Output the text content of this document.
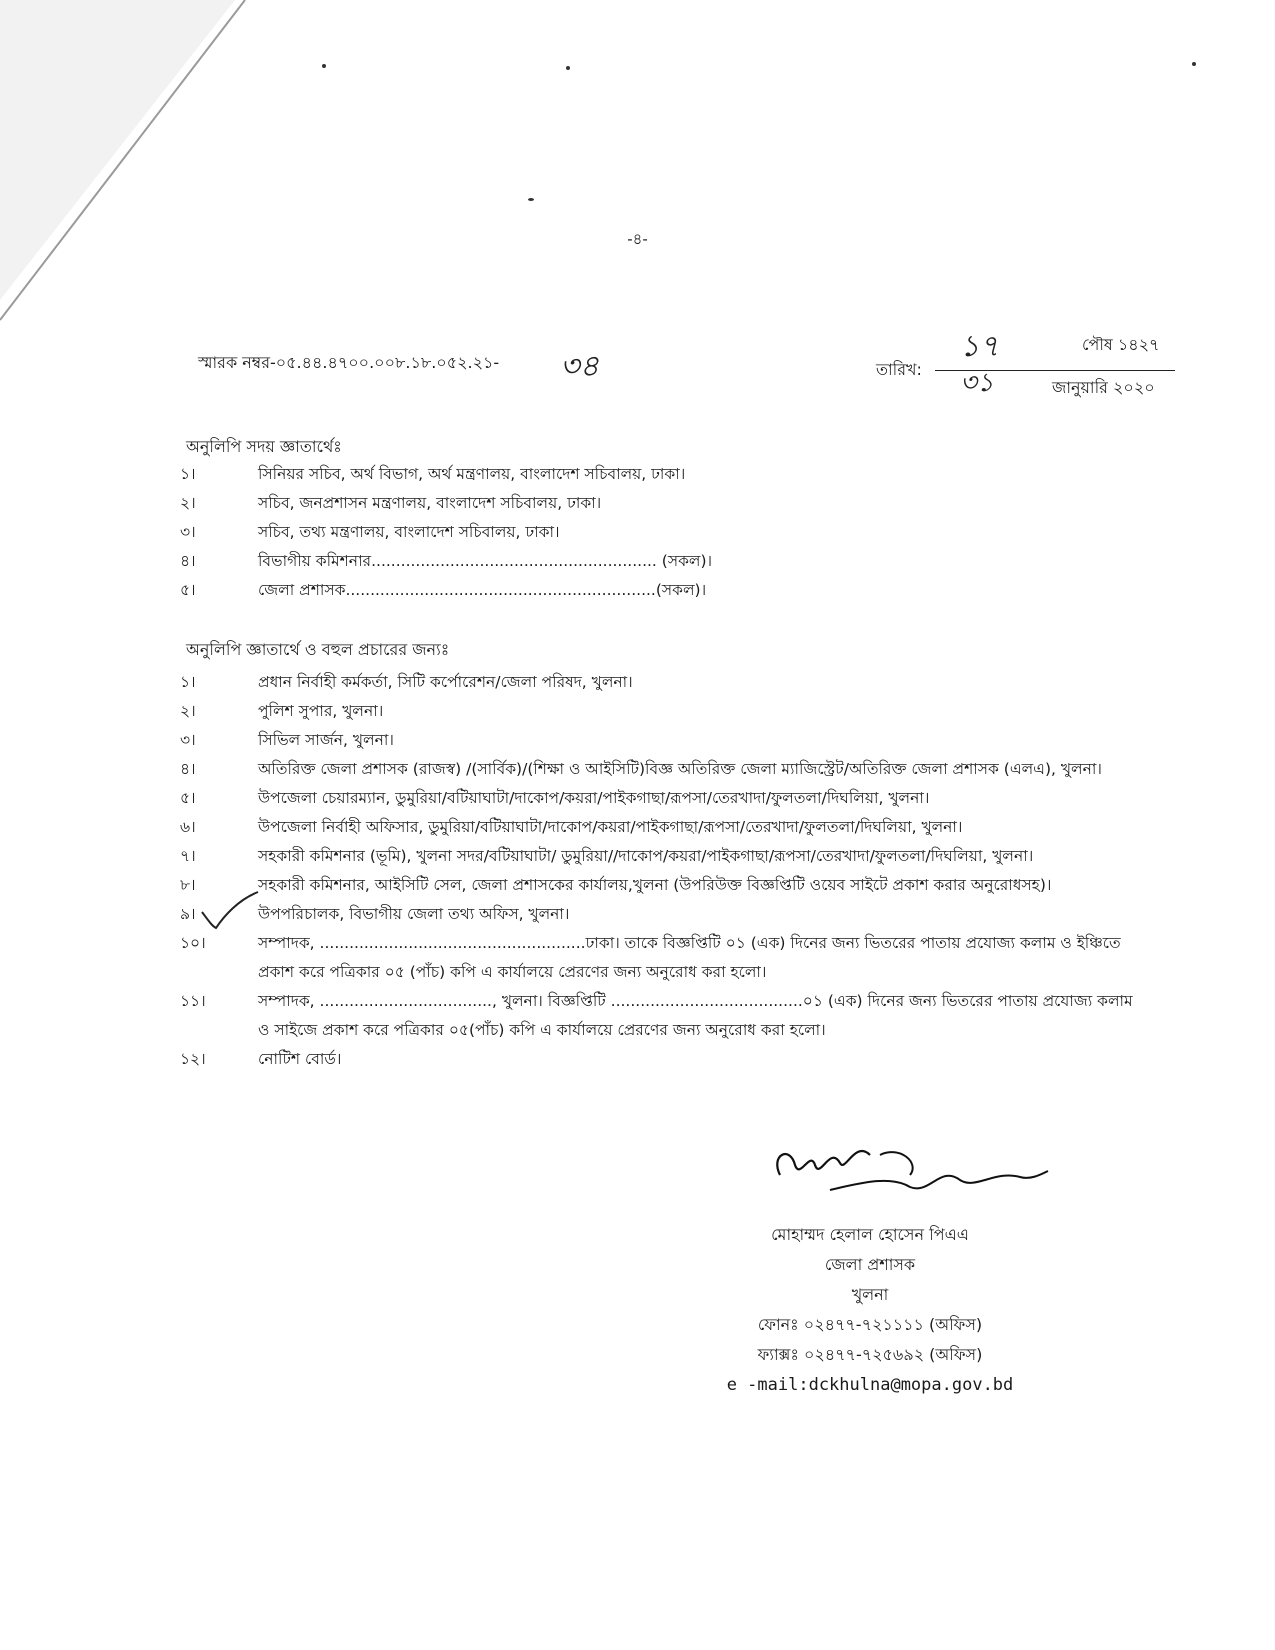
-৪-
স্মারক নম্বর-০৫.৪৪.৪৭০০.০০৮.১৮.০৫২.২১- ৩৪	তারিখ:
১৭	পৌষ ১৪২৭
৩১	জানুয়ারি ২০২০
অনুলিপি সদয় জ্ঞাতার্থেঃ
১।	সিনিয়র সচিব, অর্থ বিভাগ, অর্থ মন্ত্রণালয়, বাংলাদেশ সচিবালয়, ঢাকা।
২।	সচিব, জনপ্রশাসন মন্ত্রণালয়, বাংলাদেশ সচিবালয়, ঢাকা।
৩।	সচিব, তথ্য মন্ত্রণালয়, বাংলাদেশ সচিবালয়, ঢাকা।
৪।	বিভাগীয় কমিশনার.......................................................... (সকল)।
৫।	জেলা প্রশাসক...............................................................(সকল)।
অনুলিপি জ্ঞাতার্থে ও বহুল প্রচারের জন্যঃ
১।	প্রধান নির্বাহী কর্মকর্তা, সিটি কর্পোরেশন/জেলা পরিষদ, খুলনা।
২।	পুলিশ সুপার, খুলনা।
৩।	সিভিল সার্জন, খুলনা।
৪।	অতিরিক্ত জেলা প্রশাসক (রাজস্ব) /(সার্বিক)/(শিক্ষা ও আইসিটি)বিজ্ঞ অতিরিক্ত জেলা ম্যাজিস্ট্রেট/অতিরিক্ত জেলা প্রশাসক (এলএ), খুলনা।
৫।	উপজেলা চেয়ারম্যান, ডুমুরিয়া/বটিয়াঘাটা/দাকোপ/কয়রা/পাইকগাছা/রূপসা/তেরখাদা/ফুলতলা/দিঘলিয়া, খুলনা।
৬।	উপজেলা নির্বাহী অফিসার, ডুমুরিয়া/বটিয়াঘাটা/দাকোপ/কয়রা/পাইকগাছা/রূপসা/তেরখাদা/ফুলতলা/দিঘলিয়া, খুলনা।
৭।	সহকারী কমিশনার (ভূমি), খুলনা সদর/বটিয়াঘাটা/ ডুমুরিয়া//দাকোপ/কয়রা/পাইকগাছা/রূপসা/তেরখাদা/ফুলতলা/দিঘলিয়া, খুলনা।
৮।	সহকারী কমিশনার, আইসিটি সেল, জেলা প্রশাসকের কার্যালয়,খুলনা (উপরিউক্ত বিজ্ঞপ্তিটি ওয়েব সাইটে প্রকাশ করার অনুরোধসহ)।
৯।	উপপরিচালক, বিভাগীয় জেলা তথ্য অফিস, খুলনা।
১০।	সম্পাদক, ......................................................ঢাকা। তাকে বিজ্ঞপ্তিটি ০১ (এক) দিনের জন্য ভিতরের পাতায় প্রযোজ্য কলাম ও ইঞ্চিতে প্রকাশ করে পত্রিকার ০৫ (পাঁচ) কপি এ কার্যালয়ে প্রেরণের জন্য অনুরোধ করা হলো।
১১।	সম্পাদক, ..................................., খুলনা। বিজ্ঞপ্তিটি .......................................০১ (এক) দিনের জন্য ভিতরের পাতায় প্রযোজ্য কলাম ও সাইজে প্রকাশ করে পত্রিকার ০৫(পাঁচ) কপি এ কার্যালয়ে প্রেরণের জন্য অনুরোধ করা হলো।
১২।	নোটিশ বোর্ড।
মোহাম্মদ হেলাল হোসেন পিএএ
জেলা প্রশাসক
খুলনা
ফোনঃ ০২৪৭৭-৭২১১১১ (অফিস)
ফ্যাক্সঃ ০২৪৭৭-৭২৫৬৯২ (অফিস)
e -mail:dckhulna@mopa.gov.bd
